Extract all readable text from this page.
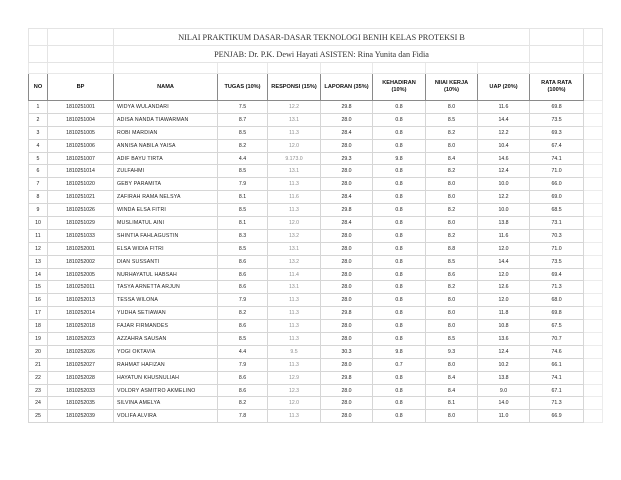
		NILAI PRAKTIKUM DASAR-DASAR TEKNOLOGI BENIH KELAS PROTEKSI B								
		PENJAB: Dr. P.K. Dewi Hayati ASISTEN: Rina Yunita dan Fidia								

NO	BP	NAMA	TUGAS (10%)	RESPONSI (15%)	LAPORAN (35%)	KEHADIRAN (10%)	NIlAI KERJA (10%)	UAP (20%)	RATA RATA (100%)	
1	1810251001	WIDYA WULANDARI	7.5	12.2	29.8	0.8	8.0	11.6	69.8	
2	1810251004	ADISA NANDA TIAWARMAN	8.7	13.1	28.0	0.8	8.5	14.4	73.5	
3	1810251005	ROBI MARDIAN	8.5	11.3	28.4	0.8	8.2	12.2	69.3	
4	1810251006	ANNISA NABILA YAISA	8.2	12.0	28.0	0.8	8.0	10.4	67.4	
5	1810251007	ADIF BAYU TIRTA	4.4	9.173.0	29.3	9.8	8.4	14.6	74.1	
6	1810251014	ZULFAHMI	8.5	13.1	28.0	0.8	8.2	12.4	71.0	
7	1810251020	GEBY PARAMITA	7.9	11.3	28.0	0.8	8.0	10.0	66.0	
8	1810251021	ZAFIRAH RAMA NELSYA	8.1	11.6	28.4	0.8	8.0	12.2	69.0	
9	1810251026	WINDA ELSA FITRI	8.5	11.3	29.8	0.8	8.2	10.0	68.5	
10	1810251029	MUSLIMATUL AINI	8.1	12.0	28.4	0.8	8.0	13.8	73.1	
11	1810251033	SHINTIA FAHLAGUSTIN	8.3	13.2	28.0	0.8	8.2	11.6	70.3	
12	1810252001	ELSA WIDIA FITRI	8.5	13.1	28.0	0.8	8.8	12.0	71.0	
13	1810252002	DIAN SUSSANTI	8.6	13.2	28.0	0.8	8.5	14.4	73.5	
14	1810252005	NURHAYATUL HABSAH	8.6	11.4	28.0	0.8	8.6	12.0	69.4	
15	1810252011	TASYA ARNETTA ARJUN	8.6	13.1	28.0	0.8	8.2	12.6	71.3	
16	1810252013	TESSA WILONA	7.9	11.3	28.0	0.8	8.0	12.0	68.0	
17	1810252014	YUDHA SETIAWAN	8.2	11.3	29.8	0.8	8.0	11.8	69.8	
18	1810252018	FAJAR FIRMANDES	8.6	11.3	28.0	0.8	8.0	10.8	67.5	
19	1810252023	AZZAHRA SAUSAN	8.5	11.3	28.0	0.8	8.5	13.6	70.7	
20	1810252026	YOGI OKTAVIA	4.4	9.5	30.3	9.8	9.3	12.4	74.6	
21	1810252027	RAHMAT HAFIZAN	7.9	11.3	28.0	0.7	8.0	10.2	66.1	
22	1810252028	HAYATUN KHUSNULIAH	8.6	12.9	29.8	0.8	8.4	13.8	74.1	
23	1810252033	VOLDRY ASMITRO AKMELINO	8.6	12.3	28.0	0.8	8.4	9.0	67.1	
24	1810252035	SILVINA AMELYA	8.2	12.0	28.0	0.8	8.1	14.0	71.3	
25	1810252039	VOLIFA ALVIRA	7.8	11.3	28.0	0.8	8.0	11.0	66.9	
